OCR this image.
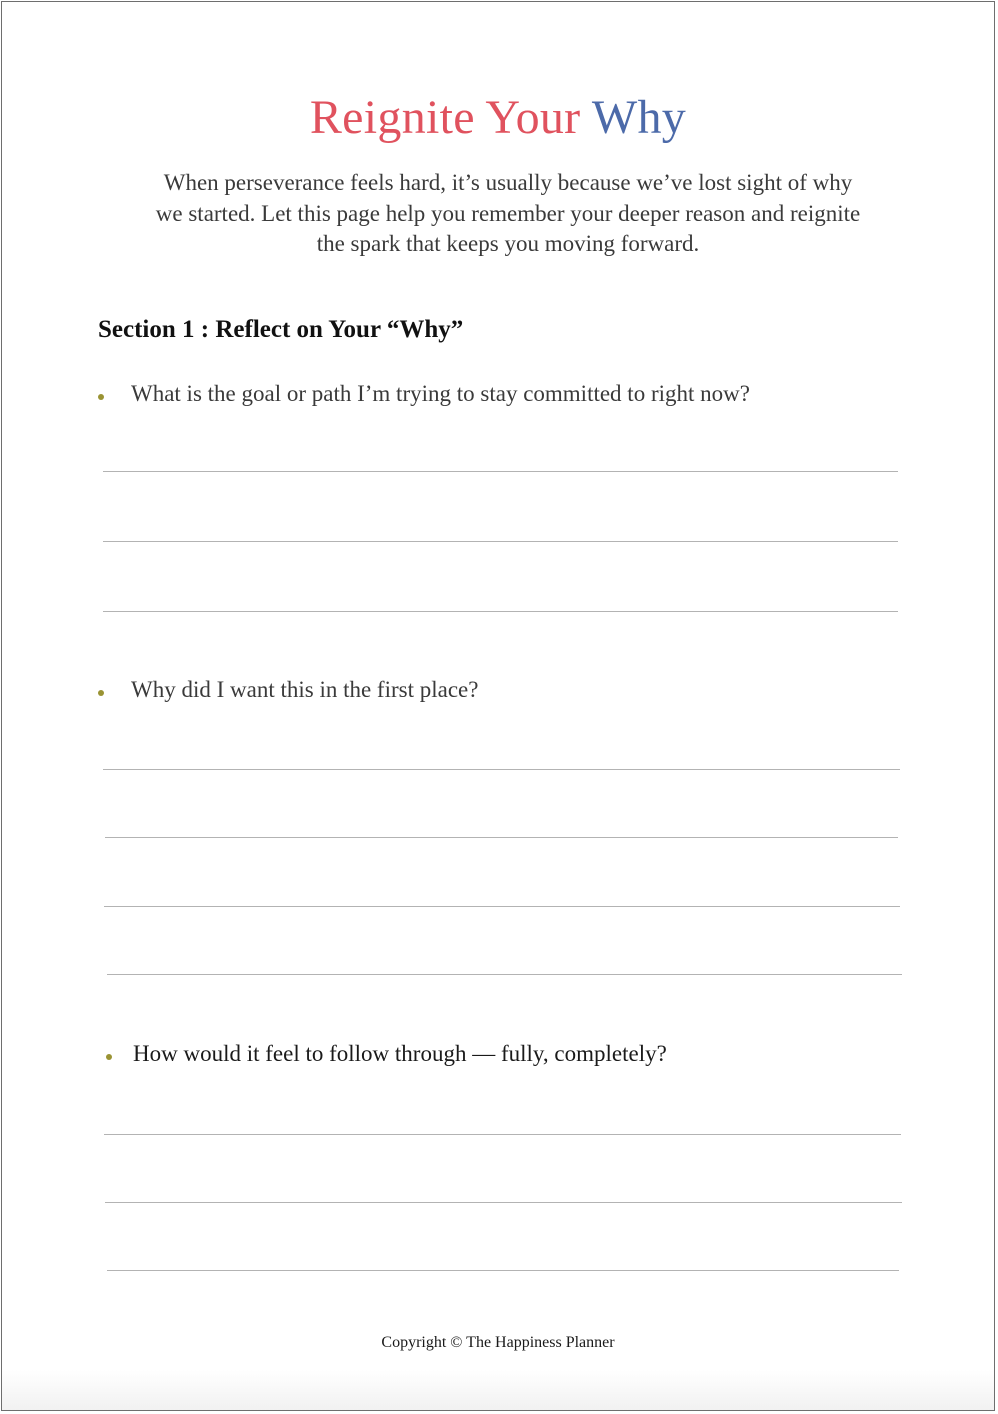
Reignite Your Why

When perseverance feels hard, it’s usually because we’ve lost sight of why we started. Let this page help you remember your deeper reason and reignite the spark that keeps you moving forward.

Section 1 : Reflect on Your “Why”
What is the goal or path I’m trying to stay committed to right now?
Why did I want this in the first place?
How would it feel to follow through — fully, completely?
Copyright © The Happiness Planner
